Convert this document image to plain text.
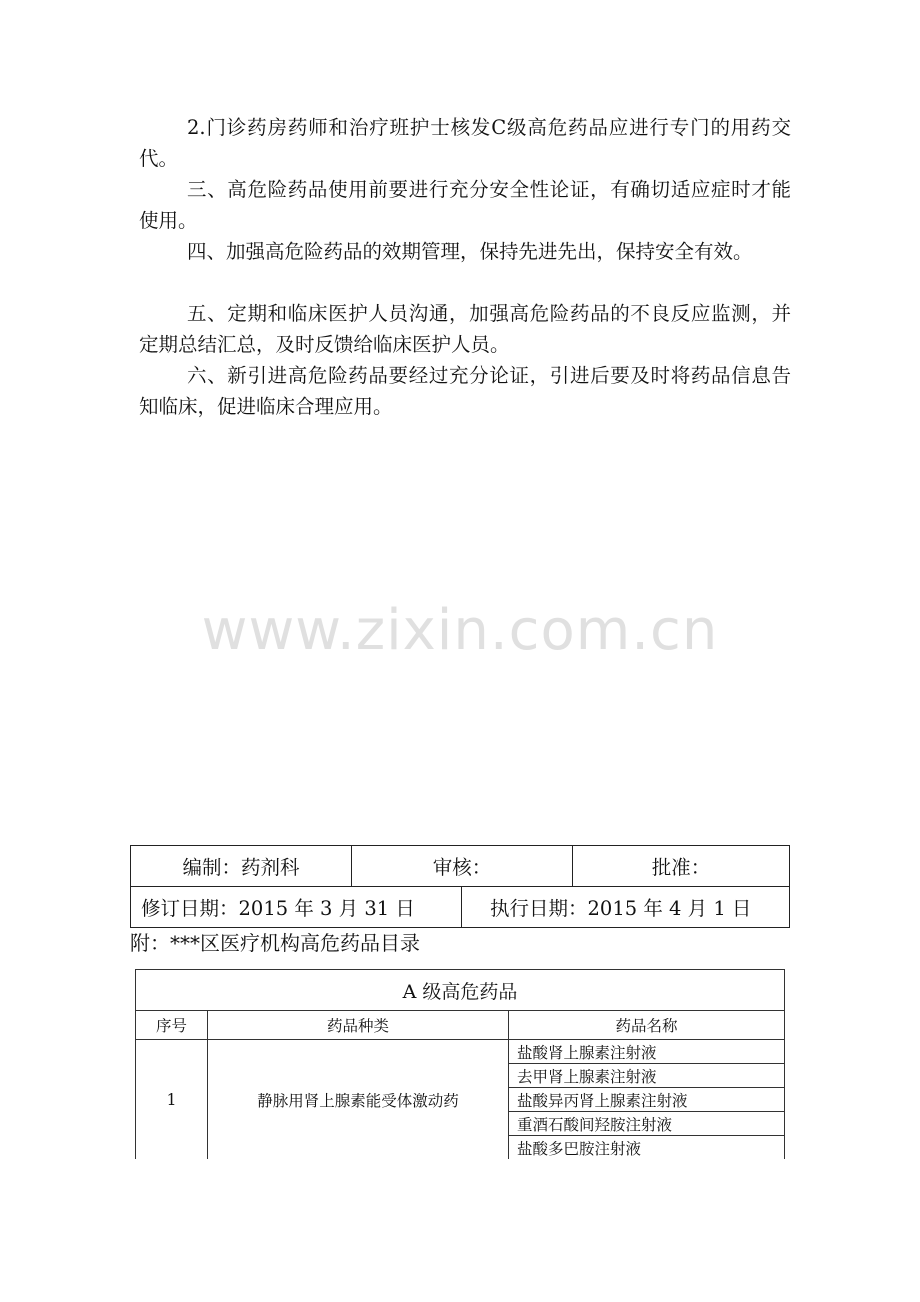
2.门诊药房药师和治疗班护士核发C级高危药品应进行专门的用药交代。

三、高危险药品使用前要进行充分安全性论证，有确切适应症时才能使用。

四、加强高危险药品的效期管理，保持先进先出，保持安全有效。

五、定期和临床医护人员沟通，加强高危险药品的不良反应监测，并定期总结汇总，及时反馈给临床医护人员。

六、新引进高危险药品要经过充分论证，引进后要及时将药品信息告知临床，促进临床合理应用。

www.zixin.com.cn
编制：药剂科	审核：	批准：

修订日期：2015 年 3 月 31 日	执行日期：2015 年 4 月 1 日
附：***区医疗机构高危药品目录
A 级高危药品		
序号	药品种类	药品名称
1	静脉用肾上腺素能受体激动药	盐酸肾上腺素注射液
		去甲肾上腺素注射液
		盐酸异丙肾上腺素注射液
		重酒石酸间羟胺注射液
		盐酸多巴胺注射液
